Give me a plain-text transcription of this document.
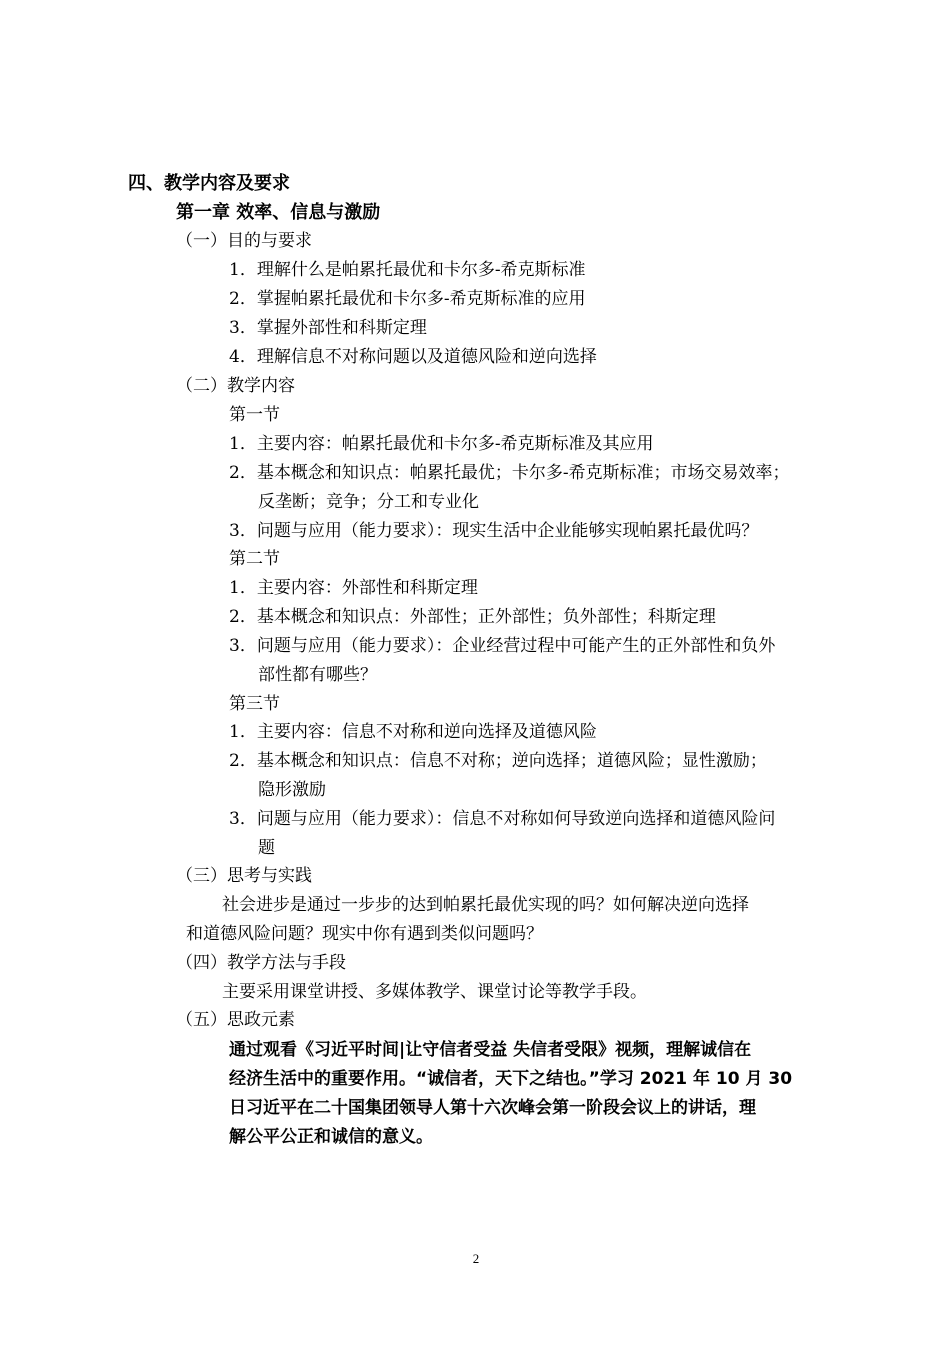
四、教学内容及要求
第一章 效率、信息与激励
（一）目的与要求
1．理解什么是帕累托最优和卡尔多-希克斯标准
2．掌握帕累托最优和卡尔多-希克斯标准的应用
3．掌握外部性和科斯定理
4．理解信息不对称问题以及道德风险和逆向选择
（二）教学内容
第一节
1．主要内容：帕累托最优和卡尔多-希克斯标准及其应用
2．基本概念和知识点：帕累托最优；卡尔多-希克斯标准；市场交易效率；
反垄断；竞争；分工和专业化
3．问题与应用（能力要求）：现实生活中企业能够实现帕累托最优吗？
第二节
1．主要内容：外部性和科斯定理
2．基本概念和知识点：外部性；正外部性；负外部性；科斯定理
3．问题与应用（能力要求）：企业经营过程中可能产生的正外部性和负外
部性都有哪些？
第三节
1．主要内容：信息不对称和逆向选择及道德风险
2．基本概念和知识点：信息不对称；逆向选择；道德风险；显性激励；
隐形激励
3．问题与应用（能力要求）：信息不对称如何导致逆向选择和道德风险问
题
（三）思考与实践
社会进步是通过一步步的达到帕累托最优实现的吗？如何解决逆向选择
和道德风险问题？现实中你有遇到类似问题吗？
（四）教学方法与手段
主要采用课堂讲授、多媒体教学、课堂讨论等教学手段。
（五）思政元素
通过观看《习近平时间|让守信者受益 失信者受限》视频，理解诚信在
经济生活中的重要作用。“诚信者，天下之结也。”学习 2021 年 10 月 30
日习近平在二十国集团领导人第十六次峰会第一阶段会议上的讲话，理
解公平公正和诚信的意义。
2
